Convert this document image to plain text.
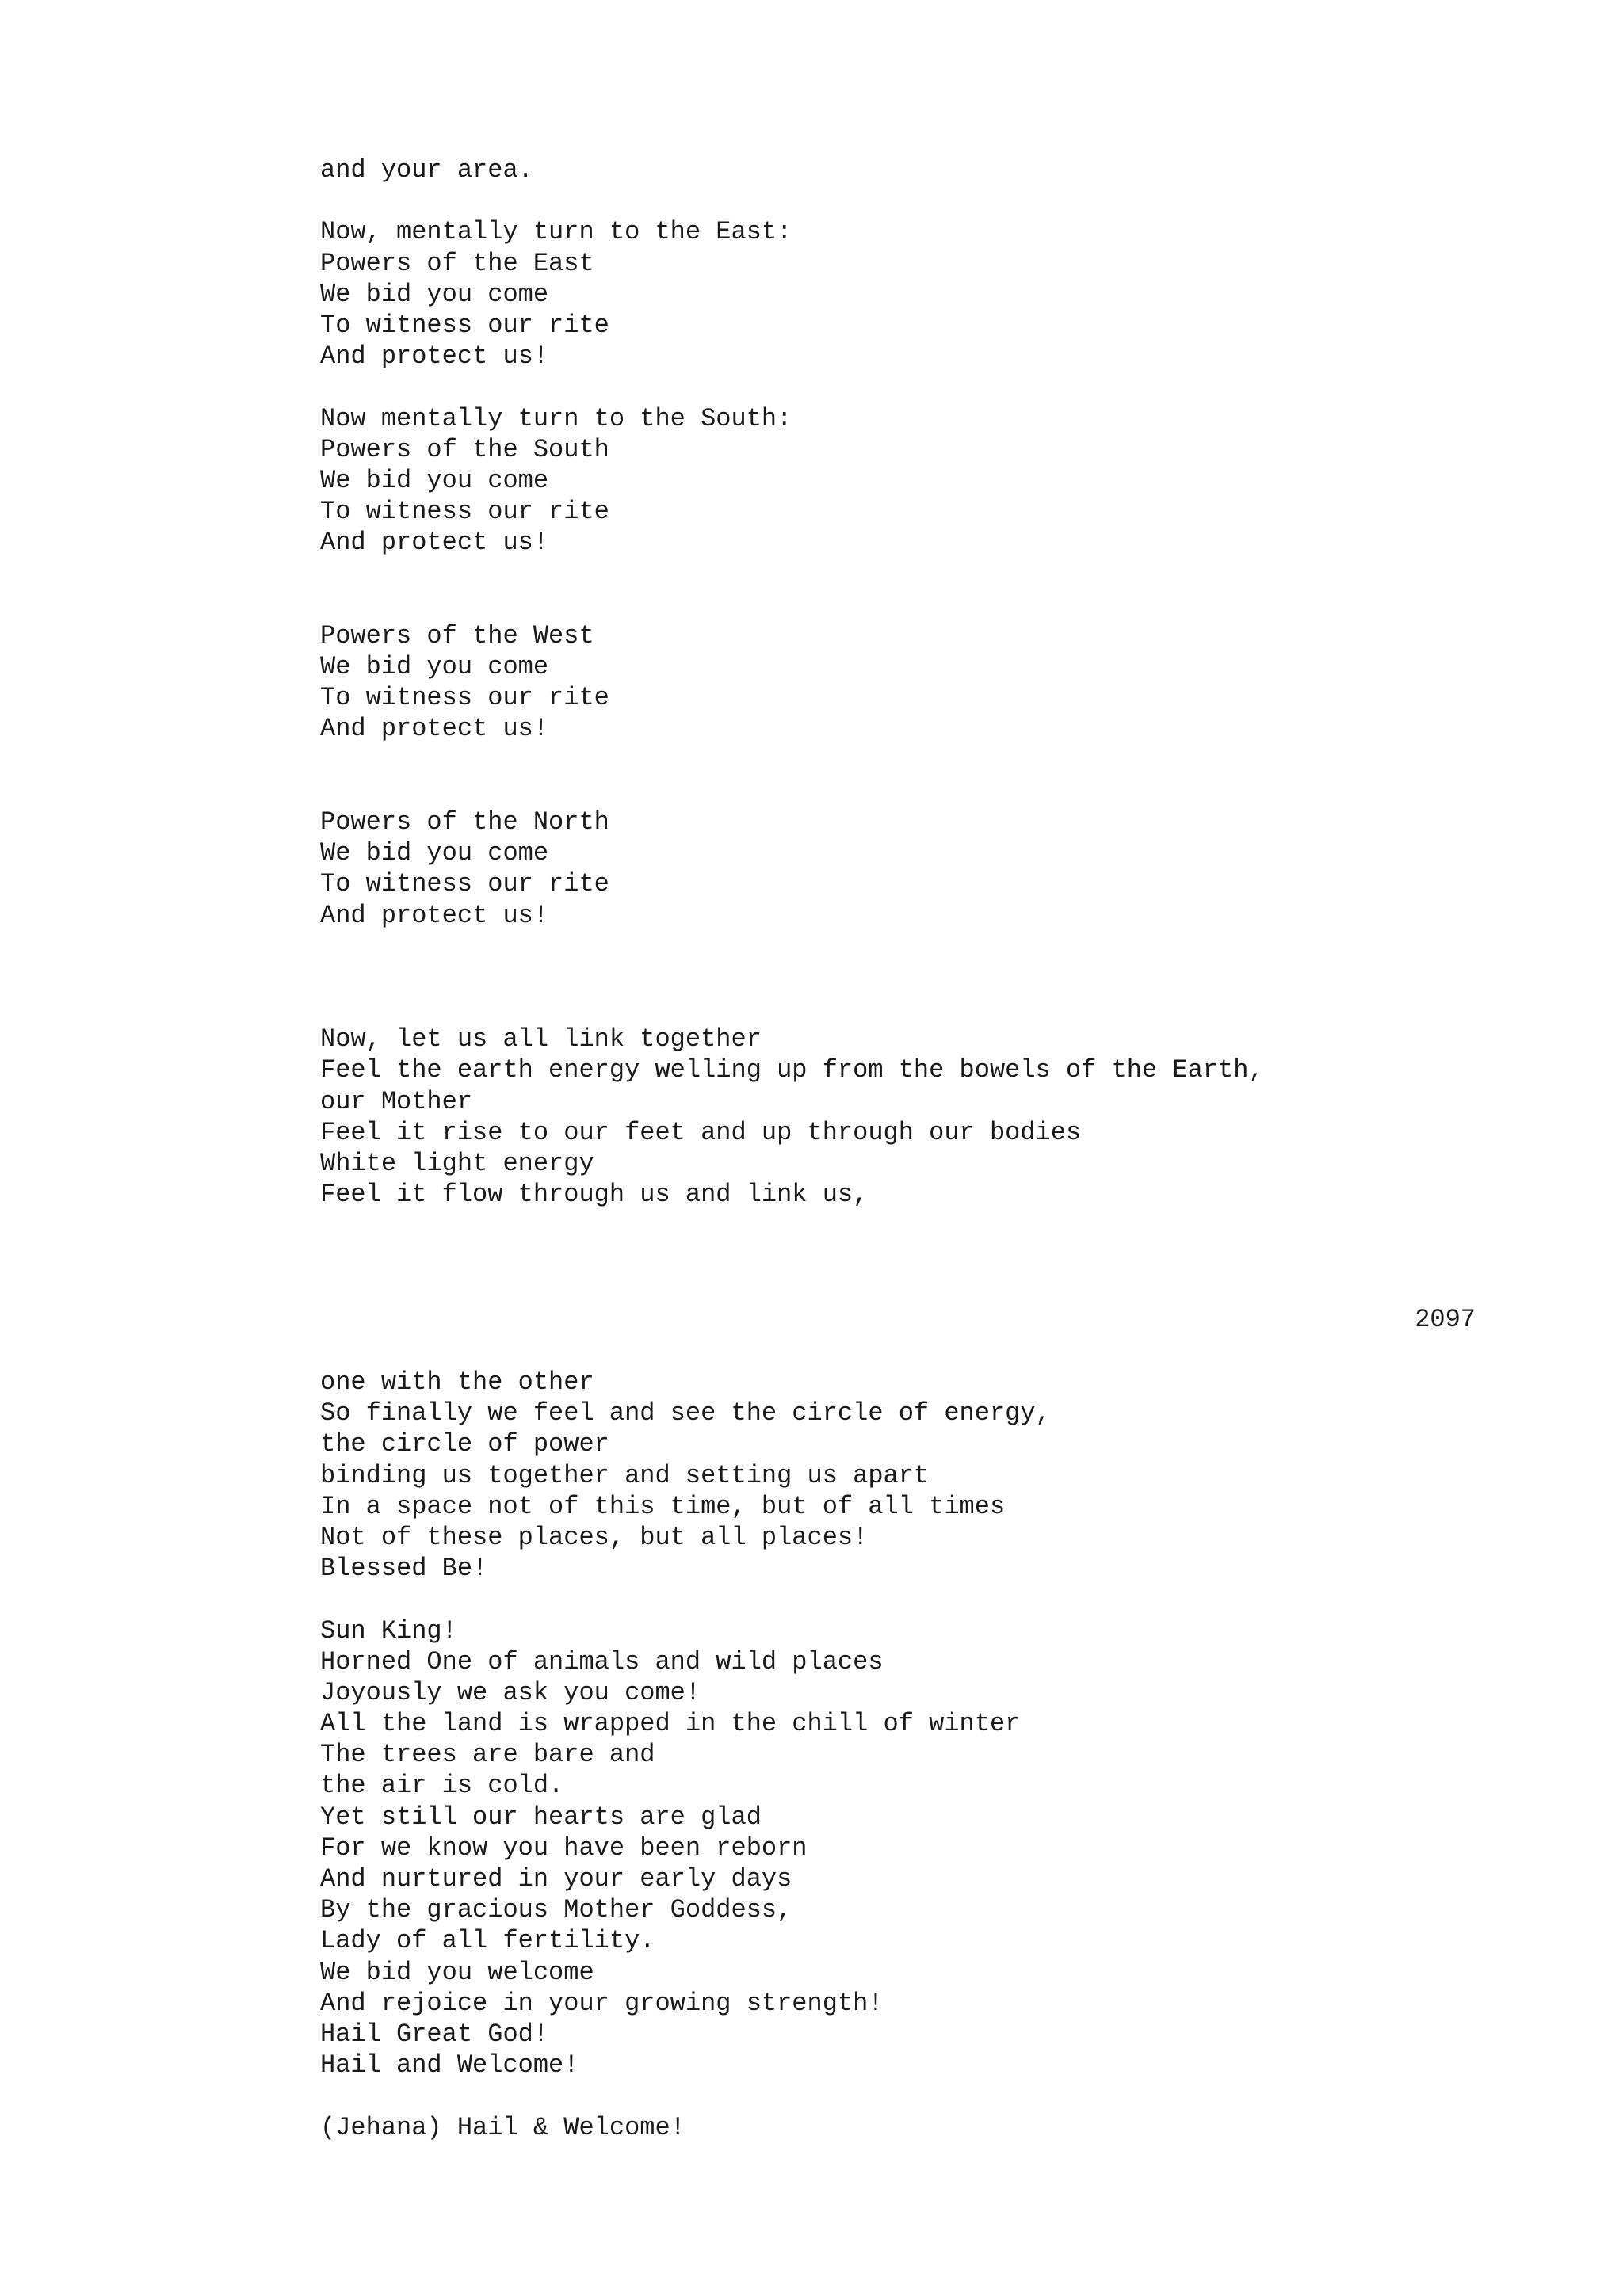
and your area.
Now, mentally turn to the East:
Powers of the East
We bid you come
To witness our rite
And protect us!
Now mentally turn to the South:
Powers of the South
We bid you come
To witness our rite
And protect us!
Powers of the West
We bid you come
To witness our rite
And protect us!
Powers of the North
We bid you come
To witness our rite
And protect us!
Now, let us all link together
Feel the earth energy welling up from the bowels of the Earth,
our Mother
Feel it rise to our feet and up through our bodies
White light energy
Feel it flow through us and link us,
2097
one with the other
So finally we feel and see the circle of energy,
the circle of power
binding us together and setting us apart
In a space not of this time, but of all times
Not of these places, but all places!
Blessed Be!
Sun King!
Horned One of animals and wild places
Joyously we ask you come!
All the land is wrapped in the chill of winter
The trees are bare and
the air is cold.
Yet still our hearts are glad
For we know you have been reborn
And nurtured in your early days
By the gracious Mother Goddess,
Lady of all fertility.
We bid you welcome
And rejoice in your growing strength!
Hail Great God!
Hail and Welcome!
(Jehana) Hail & Welcome!
